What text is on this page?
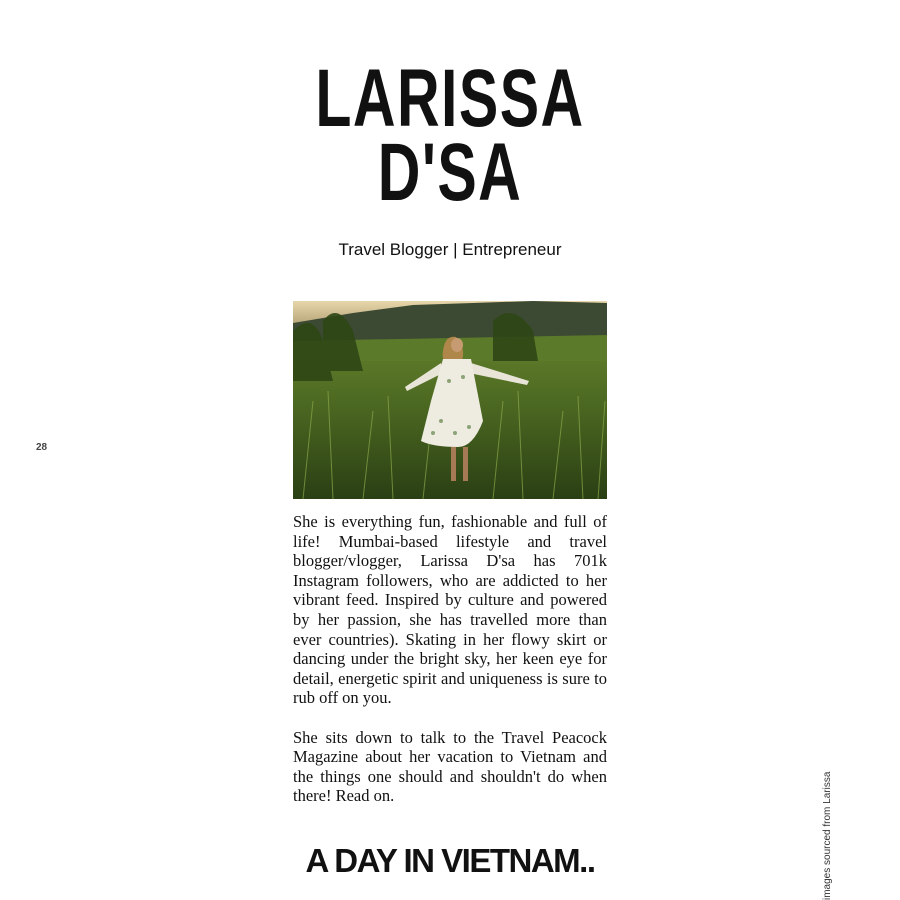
LARISSA
D'SA

Travel Blogger | Entrepreneur

28

She is everything fun, fashionable and full of life! Mumbai-based lifestyle and travel blogger/vlogger, Larissa D'sa has 701k Instagram followers, who are addicted to her vibrant feed. Inspired by culture and powered by her passion, she has travelled more than ever countries). Skating in her flowy skirt or dancing under the bright sky, her keen eye for detail, energetic spirit and uniqueness is sure to rub off on you.

She sits down to talk to the Travel Peacock Magazine about her vacation to Vietnam and the things one should and shouldn't do when there! Read on.

A DAY IN VIETNAM..	images sourced from Larissa
